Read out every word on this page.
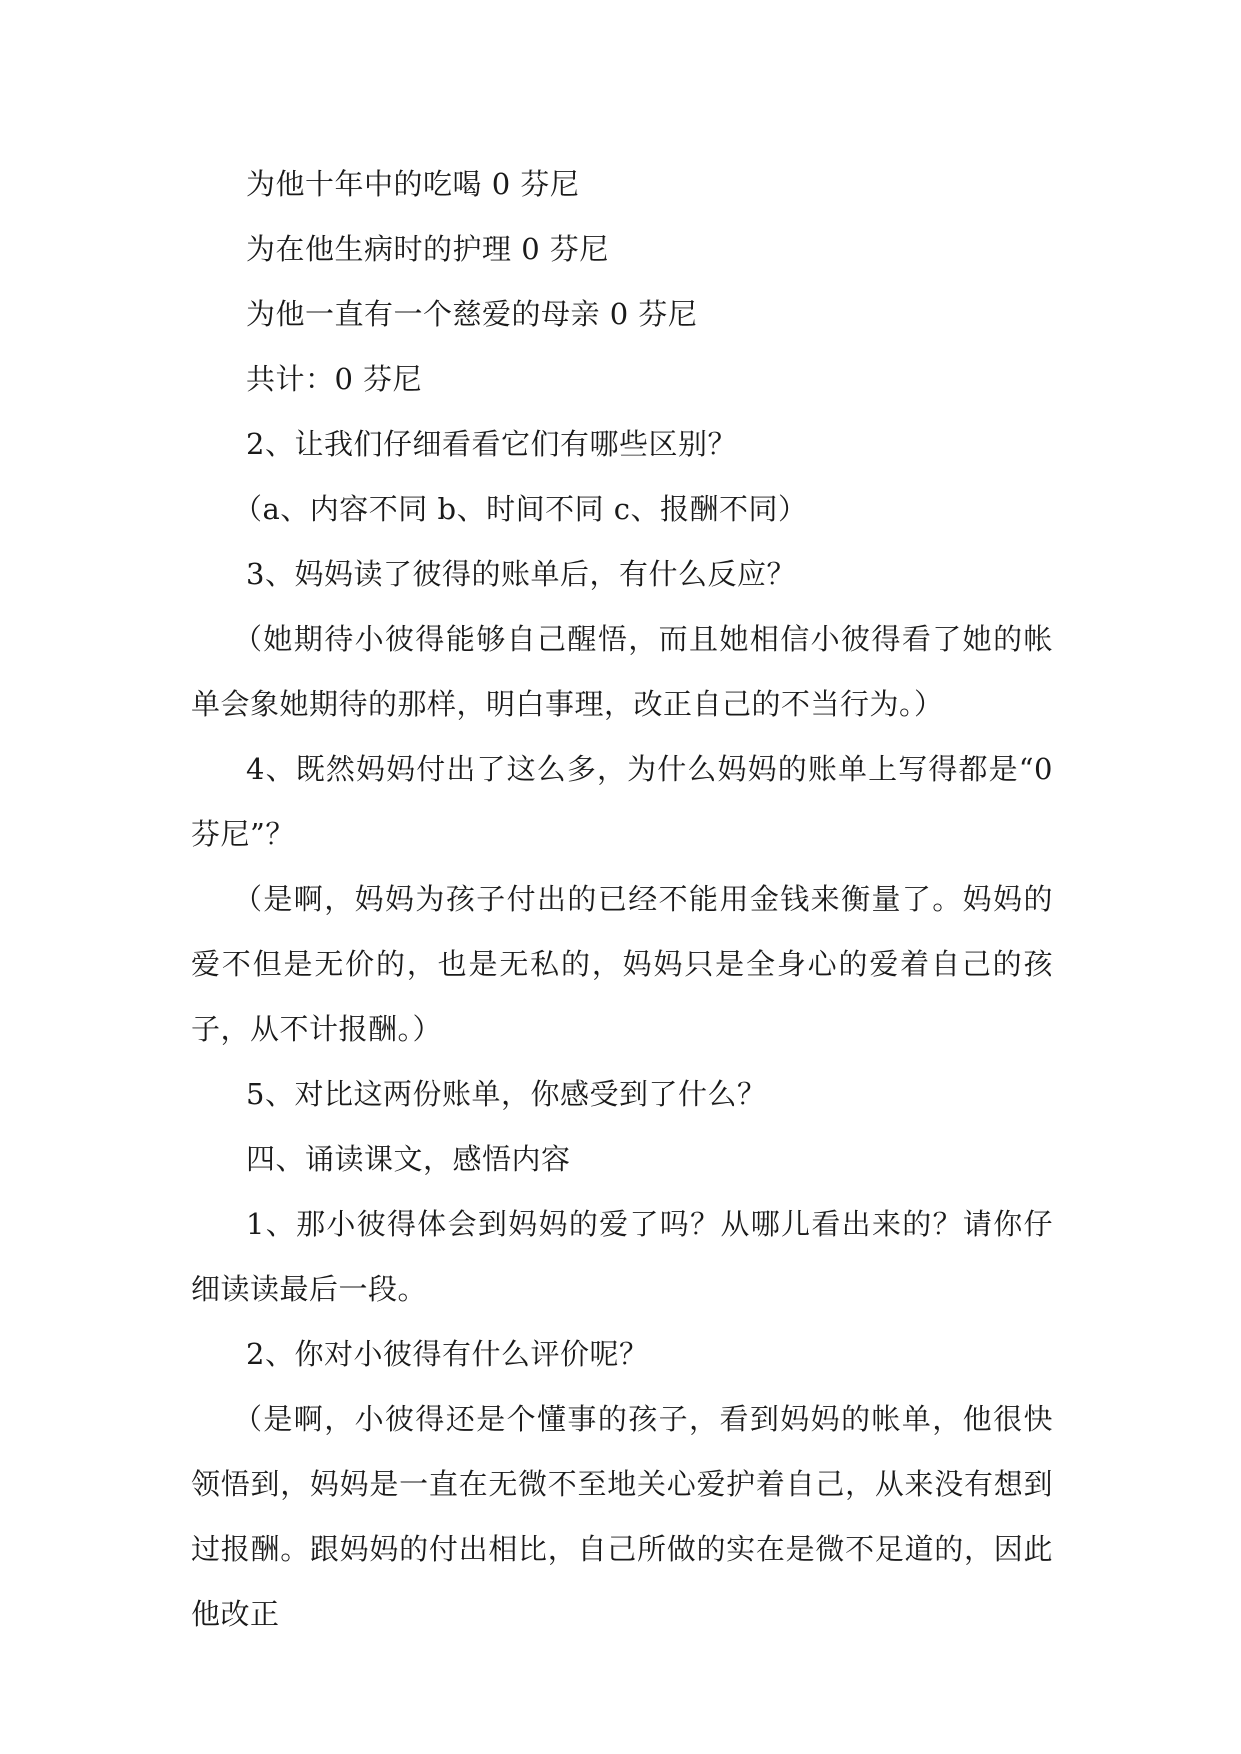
为他十年中的吃喝 0 芬尼

为在他生病时的护理 0 芬尼

为他一直有一个慈爱的母亲 0 芬尼

共计：0 芬尼

2、让我们仔细看看它们有哪些区别？

（a、内容不同 b、时间不同 c、报酬不同）

3、妈妈读了彼得的账单后，有什么反应？

（她期待小彼得能够自己醒悟，而且她相信小彼得看了她的帐单会象她期待的那样，明白事理，改正自己的不当行为。）

4、既然妈妈付出了这么多，为什么妈妈的账单上写得都是“0 芬尼”？

（是啊，妈妈为孩子付出的已经不能用金钱来衡量了。妈妈的爱不但是无价的，也是无私的，妈妈只是全身心的爱着自己的孩子，从不计报酬。）

5、对比这两份账单，你感受到了什么？

四、诵读课文，感悟内容

1、那小彼得体会到妈妈的爱了吗？从哪儿看出来的？请你仔细读读最后一段。

2、你对小彼得有什么评价呢？

（是啊，小彼得还是个懂事的孩子，看到妈妈的帐单，他很快领悟到，妈妈是一直在无微不至地关心爱护着自己，从来没有想到过报酬。跟妈妈的付出相比，自己所做的实在是微不足道的，因此他改正
